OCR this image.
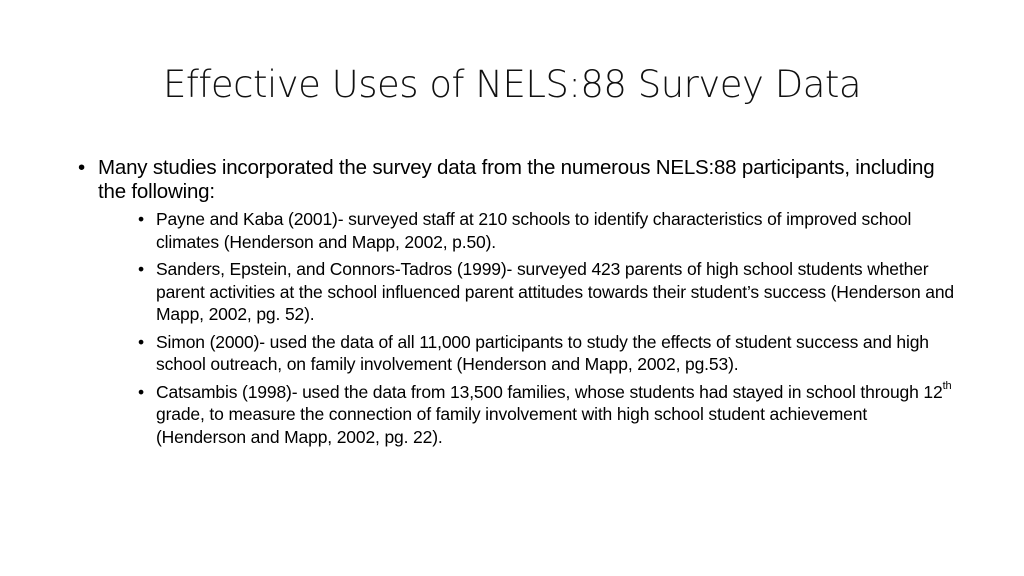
Effective Uses of NELS:88 Survey Data
• Many studies incorporated the survey data from the numerous NELS:88 participants, including the following:
• Payne and Kaba (2001)- surveyed staff at 210 schools to identify characteristics of improved school climates (Henderson and Mapp, 2002, p.50).
• Sanders, Epstein, and Connors-Tadros (1999)- surveyed 423 parents of high school students whether parent activities at the school influenced parent attitudes towards their student’s success (Henderson and Mapp, 2002, pg. 52).
• Simon (2000)- used the data of all 11,000 participants to study the effects of student success and high school outreach, on family involvement (Henderson and Mapp, 2002, pg.53).
• Catsambis (1998)- used the data from 13,500 families, whose students had stayed in school through 12th grade, to measure the connection of family involvement with high school student achievement (Henderson and Mapp, 2002, pg. 22).
